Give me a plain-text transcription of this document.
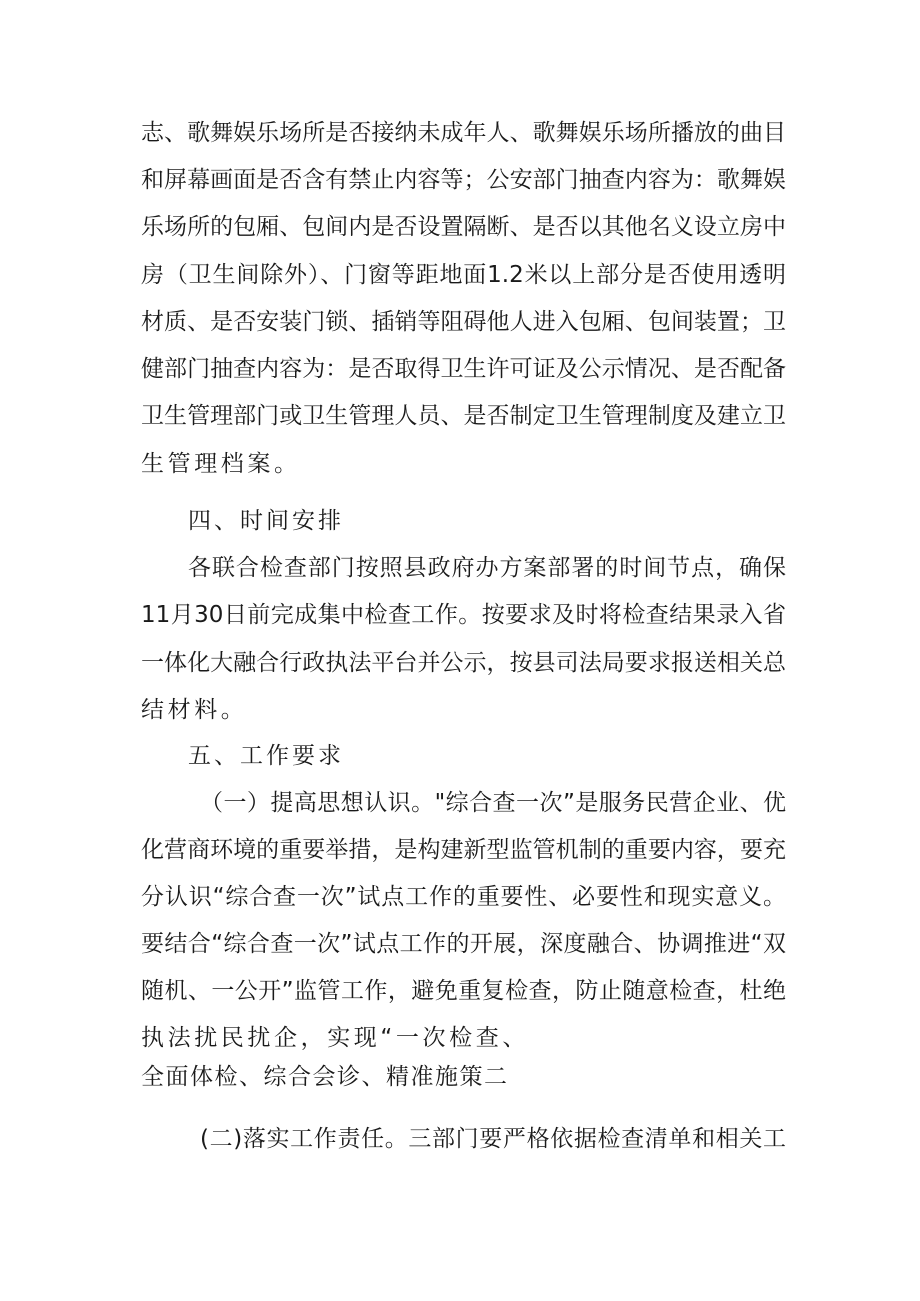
志、歌舞娱乐场所是否接纳未成年人、歌舞娱乐场所播放的曲目
和屏幕画面是否含有禁止内容等；公安部门抽查内容为：歌舞娱
乐场所的包厢、包间内是否设置隔断、是否以其他名义设立房中
房（卫生间除外）、门窗等距地面1.2米以上部分是否使用透明
材质、是否安装门锁、插销等阻碍他人进入包厢、包间装置；卫
健部门抽查内容为：是否取得卫生许可证及公示情况、是否配备
卫生管理部门或卫生管理人员、是否制定卫生管理制度及建立卫
生管理档案。
四、时间安排
各联合检查部门按照县政府办方案部署的时间节点，确保
11月30日前完成集中检查工作。按要求及时将检查结果录入省
一体化大融合行政执法平台并公示，按县司法局要求报送相关总
结材料。
五、工作要求
（一）提高思想认识。"综合查一次”是服务民营企业、优
化营商环境的重要举措，是构建新型监管机制的重要内容，要充
分认识“综合查一次”试点工作的重要性、必要性和现实意义。
要结合“综合查一次”试点工作的开展，深度融合、协调推进“双
随机、一公开”监管工作，避免重复检查，防止随意检查，杜绝
执法扰民扰企，实现“一次检查、
全面体检、综合会诊、精准施策二
(二)落实工作责任。三部门要严格依据检查清单和相关工
